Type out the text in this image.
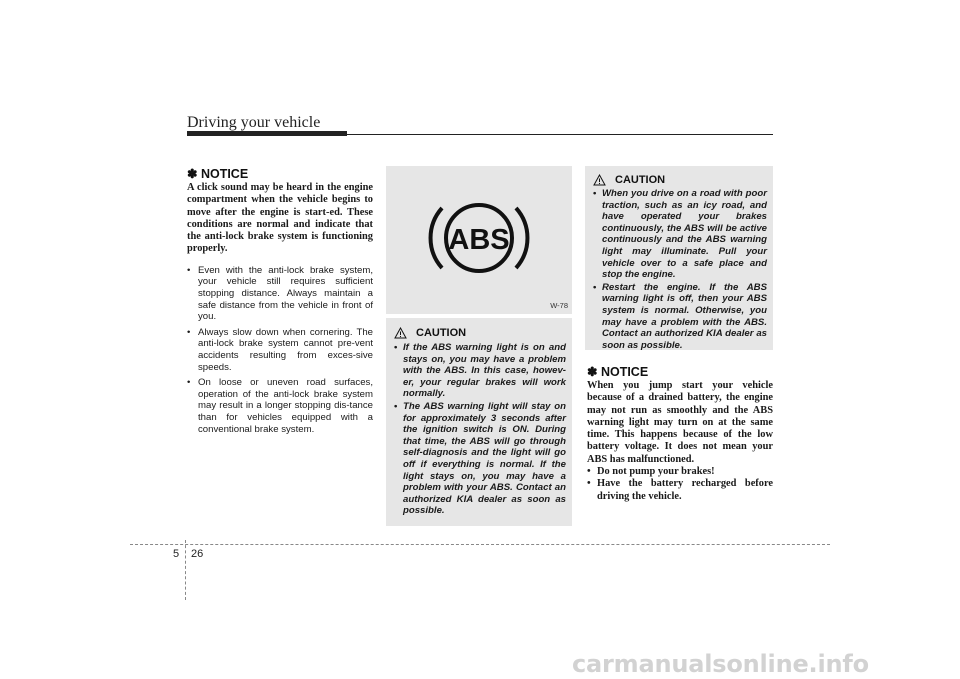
Driving your vehicle
✽ NOTICE
A click sound may be heard in the engine compartment when the vehicle begins to move after the engine is start-ed. These conditions are normal and indicate that the anti-lock brake system is functioning properly.
• Even with the anti-lock brake system, your vehicle still requires sufficient stopping distance. Always maintain a safe distance from the vehicle in front of you.
• Always slow down when cornering. The anti-lock brake system cannot pre-vent accidents resulting from exces-sive speeds.
• On loose or uneven road surfaces, operation of the anti-lock brake system may result in a longer stopping dis-tance than for vehicles equipped with a conventional brake system.
ABS
W-78
CAUTION
• If the ABS warning light is on and stays on, you may have a problem with the ABS. In this case, howev-er, your regular brakes will work normally.
• The ABS warning light will stay on for approximately 3 seconds after the ignition switch is ON. During that time, the ABS will go through self-diagnosis and the light will go off if everything is normal. If the light stays on, you may have a problem with your ABS. Contact an authorized KIA dealer as soon as possible.
CAUTION
• When you drive on a road with poor traction, such as an icy road, and have operated your brakes continuously, the ABS will be active continuously and the ABS warning light may illuminate. Pull your vehicle over to a safe place and stop the engine.
• Restart the engine. If the ABS warning light is off, then your ABS system is normal. Otherwise, you may have a problem with the ABS. Contact an authorized KIA dealer as soon as possible.
✽ NOTICE
When you jump start your vehicle because of a drained battery, the engine may not run as smoothly and the ABS warning light may turn on at the same time. This happens because of the low battery voltage. It does not mean your ABS has malfunctioned.
• Do not pump your brakes!
• Have the battery recharged before driving the vehicle.
5 26
carmanualsonline.info
